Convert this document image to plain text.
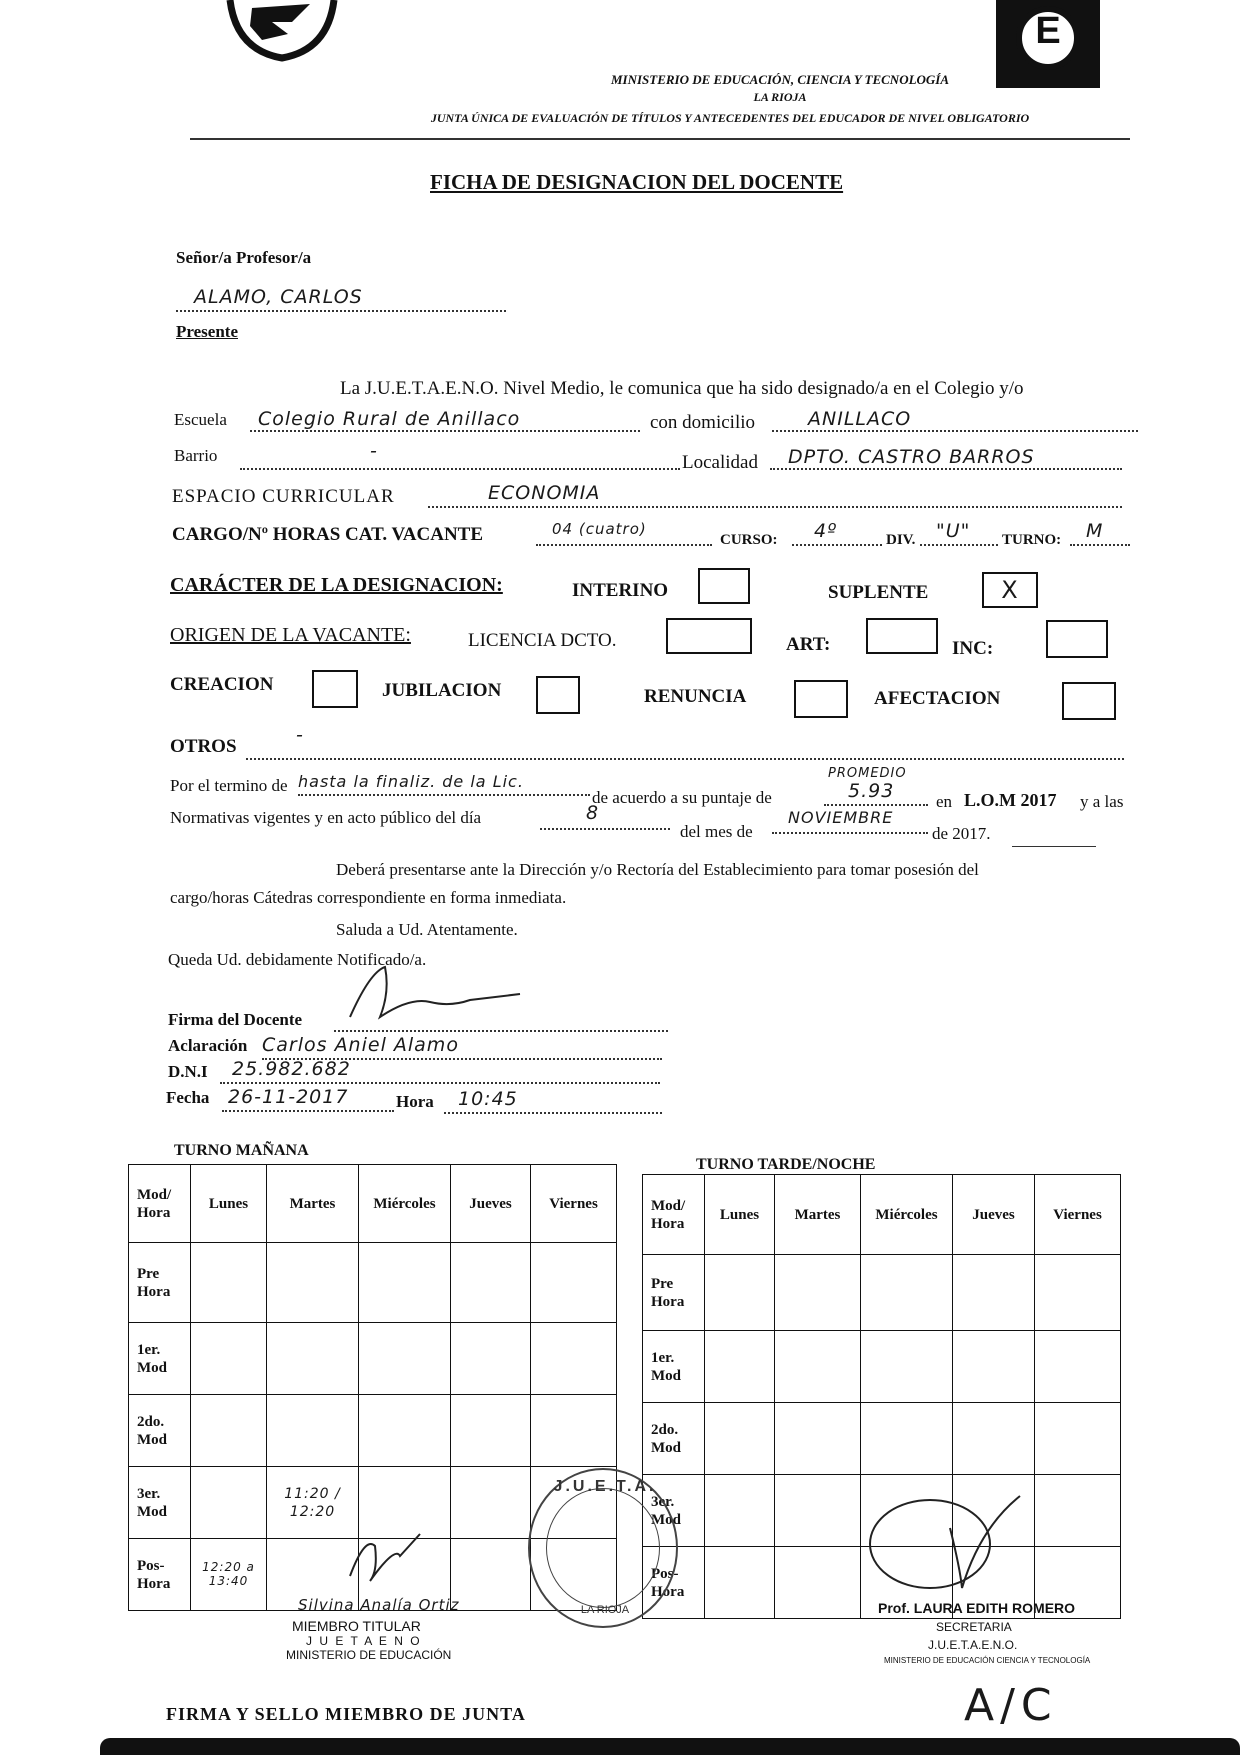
E
MINISTERIO DE EDUCACIÓN, CIENCIA Y TECNOLOGÍA
LA RIOJA
JUNTA ÚNICA DE EVALUACIÓN DE TÍTULOS Y ANTECEDENTES DEL EDUCADOR DE NIVEL OBLIGATORIO
FICHA DE DESIGNACION DEL DOCENTE
Señor/a Profesor/a
ALAMO, CARLOS
Presente
La J.U.E.T.A.E.N.O. Nivel Medio, le comunica que ha sido designado/a en el Colegio y/o
Escuela Colegio Rural de Anillaco	con domicilio	ANILLACO
Barrio	-
Localidad DPTO. CASTRO BARROS
ESPACIO CURRICULAR	ECONOMIA
CARGO/Nº HORAS CAT. VACANTE	04 (cuatro)
CURSO: 4º	DIV. "U" TURNO: M
CARÁCTER DE LA DESIGNACION:	INTERINO	SUPLENTE	X
ORIGEN DE LA VACANTE:	LICENCIA DCTO.	ART:	INC:
CREACION	JUBILACION	RENUNCIA	AFECTACION
OTROS
-
Por el termino de hasta la finaliz. de la Lic.
de acuerdo a su puntaje de
PROMEDIO
5.93 en L.O.M 2017 y a las
Normativas vigentes y en acto público del día	8
del mes de
NOVIEMBRE
de 2017.
Deberá presentarse ante la Dirección y/o Rectoría del Establecimiento para tomar posesión del
cargo/horas Cátedras correspondiente en forma inmediata.
Saluda a Ud. Atentamente.
Queda Ud. debidamente Notificado/a.
Firma del Docente
Aclaración Carlos Aniel Alamo
D.N.I 25.982.682
Fecha 26-11-2017	Hora 10:45
TURNO MAÑANA
TURNO TARDE/NOCHE
Mod/ Hora	Lunes	Martes	Miércoles	Jueves	Viernes
Pre Hora					
1er. Mod					
2do. Mod					
3er. Mod		11:20 / 12:20			
Pos- Hora	12:20 a 13:40				

Mod/ Hora	Lunes	Martes	Miércoles	Jueves	Viernes
Pre Hora					
1er. Mod					
2do. Mod					
3er. Mod					
Pos- Hora					
Silvina Analía Ortiz
MIEMBRO TITULAR
J U E T A E N O
MINISTERIO DE EDUCACIÓN
J.U.E.T.A.
LA RIOJA	Prof. LAURA EDITH ROMERO
SECRETARIA
J.U.E.T.A.E.N.O.
MINISTERIO DE EDUCACIÓN CIENCIA Y TECNOLOGÍA
A/C
FIRMA Y SELLO MIEMBRO DE JUNTA
